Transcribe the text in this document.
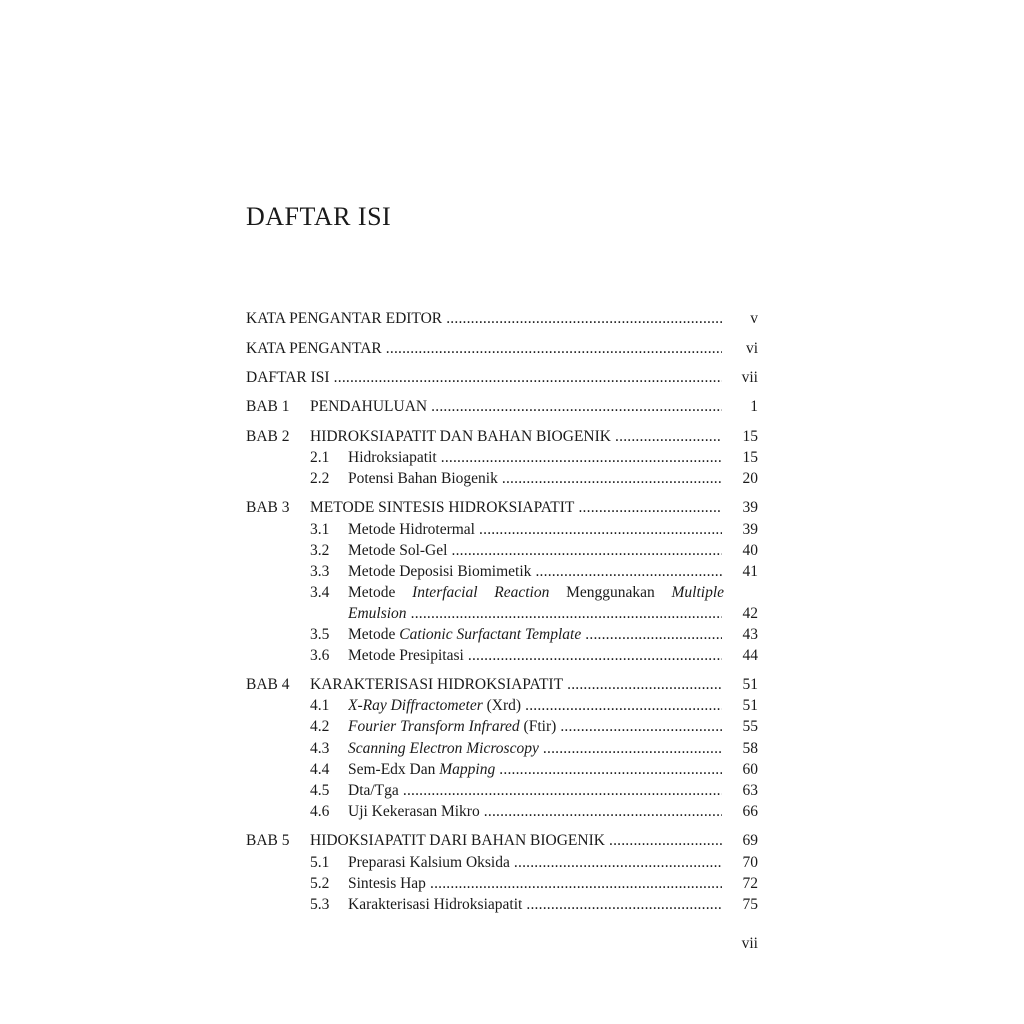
DAFTAR ISI
KATA PENGANTAR EDITOR .....	v
KATA PENGANTAR .....	vi
DAFTAR ISI .....	vii
BAB 1 PENDAHULUAN .....	1
BAB 2 HIDROKSIAPATIT DAN BAHAN BIOGENIK .....	15
2.1 Hidroksiapatit .....	15
2.2 Potensi Bahan Biogenik .....	20
BAB 3 METODE SINTESIS HIDROKSIAPATIT .....	39
3.1 Metode Hidrotermal .....	39
3.2 Metode Sol-Gel .....	40
3.3 Metode Deposisi Biomimetik .....	41
3.4 Metode Interfacial Reaction Menggunakan Multiple
Emulsion .....	42
3.5 Metode Cationic Surfactant Template .....	43
3.6 Metode Presipitasi .....	44
BAB 4 KARAKTERISASI HIDROKSIAPATIT .....	51
4.1 X-Ray Diffractometer (Xrd) .....	51
4.2 Fourier Transform Infrared (Ftir) .....	55
4.3 Scanning Electron Microscopy .....	58
4.4 Sem-Edx Dan Mapping .....	60
4.5 Dta/Tga .....	63
4.6 Uji Kekerasan Mikro .....	66
BAB 5 HIDOKSIAPATIT DARI BAHAN BIOGENIK .....	69
5.1 Preparasi Kalsium Oksida .....	70
5.2 Sintesis Hap .....	72
5.3 Karakterisasi Hidroksiapatit .....	75
vii
